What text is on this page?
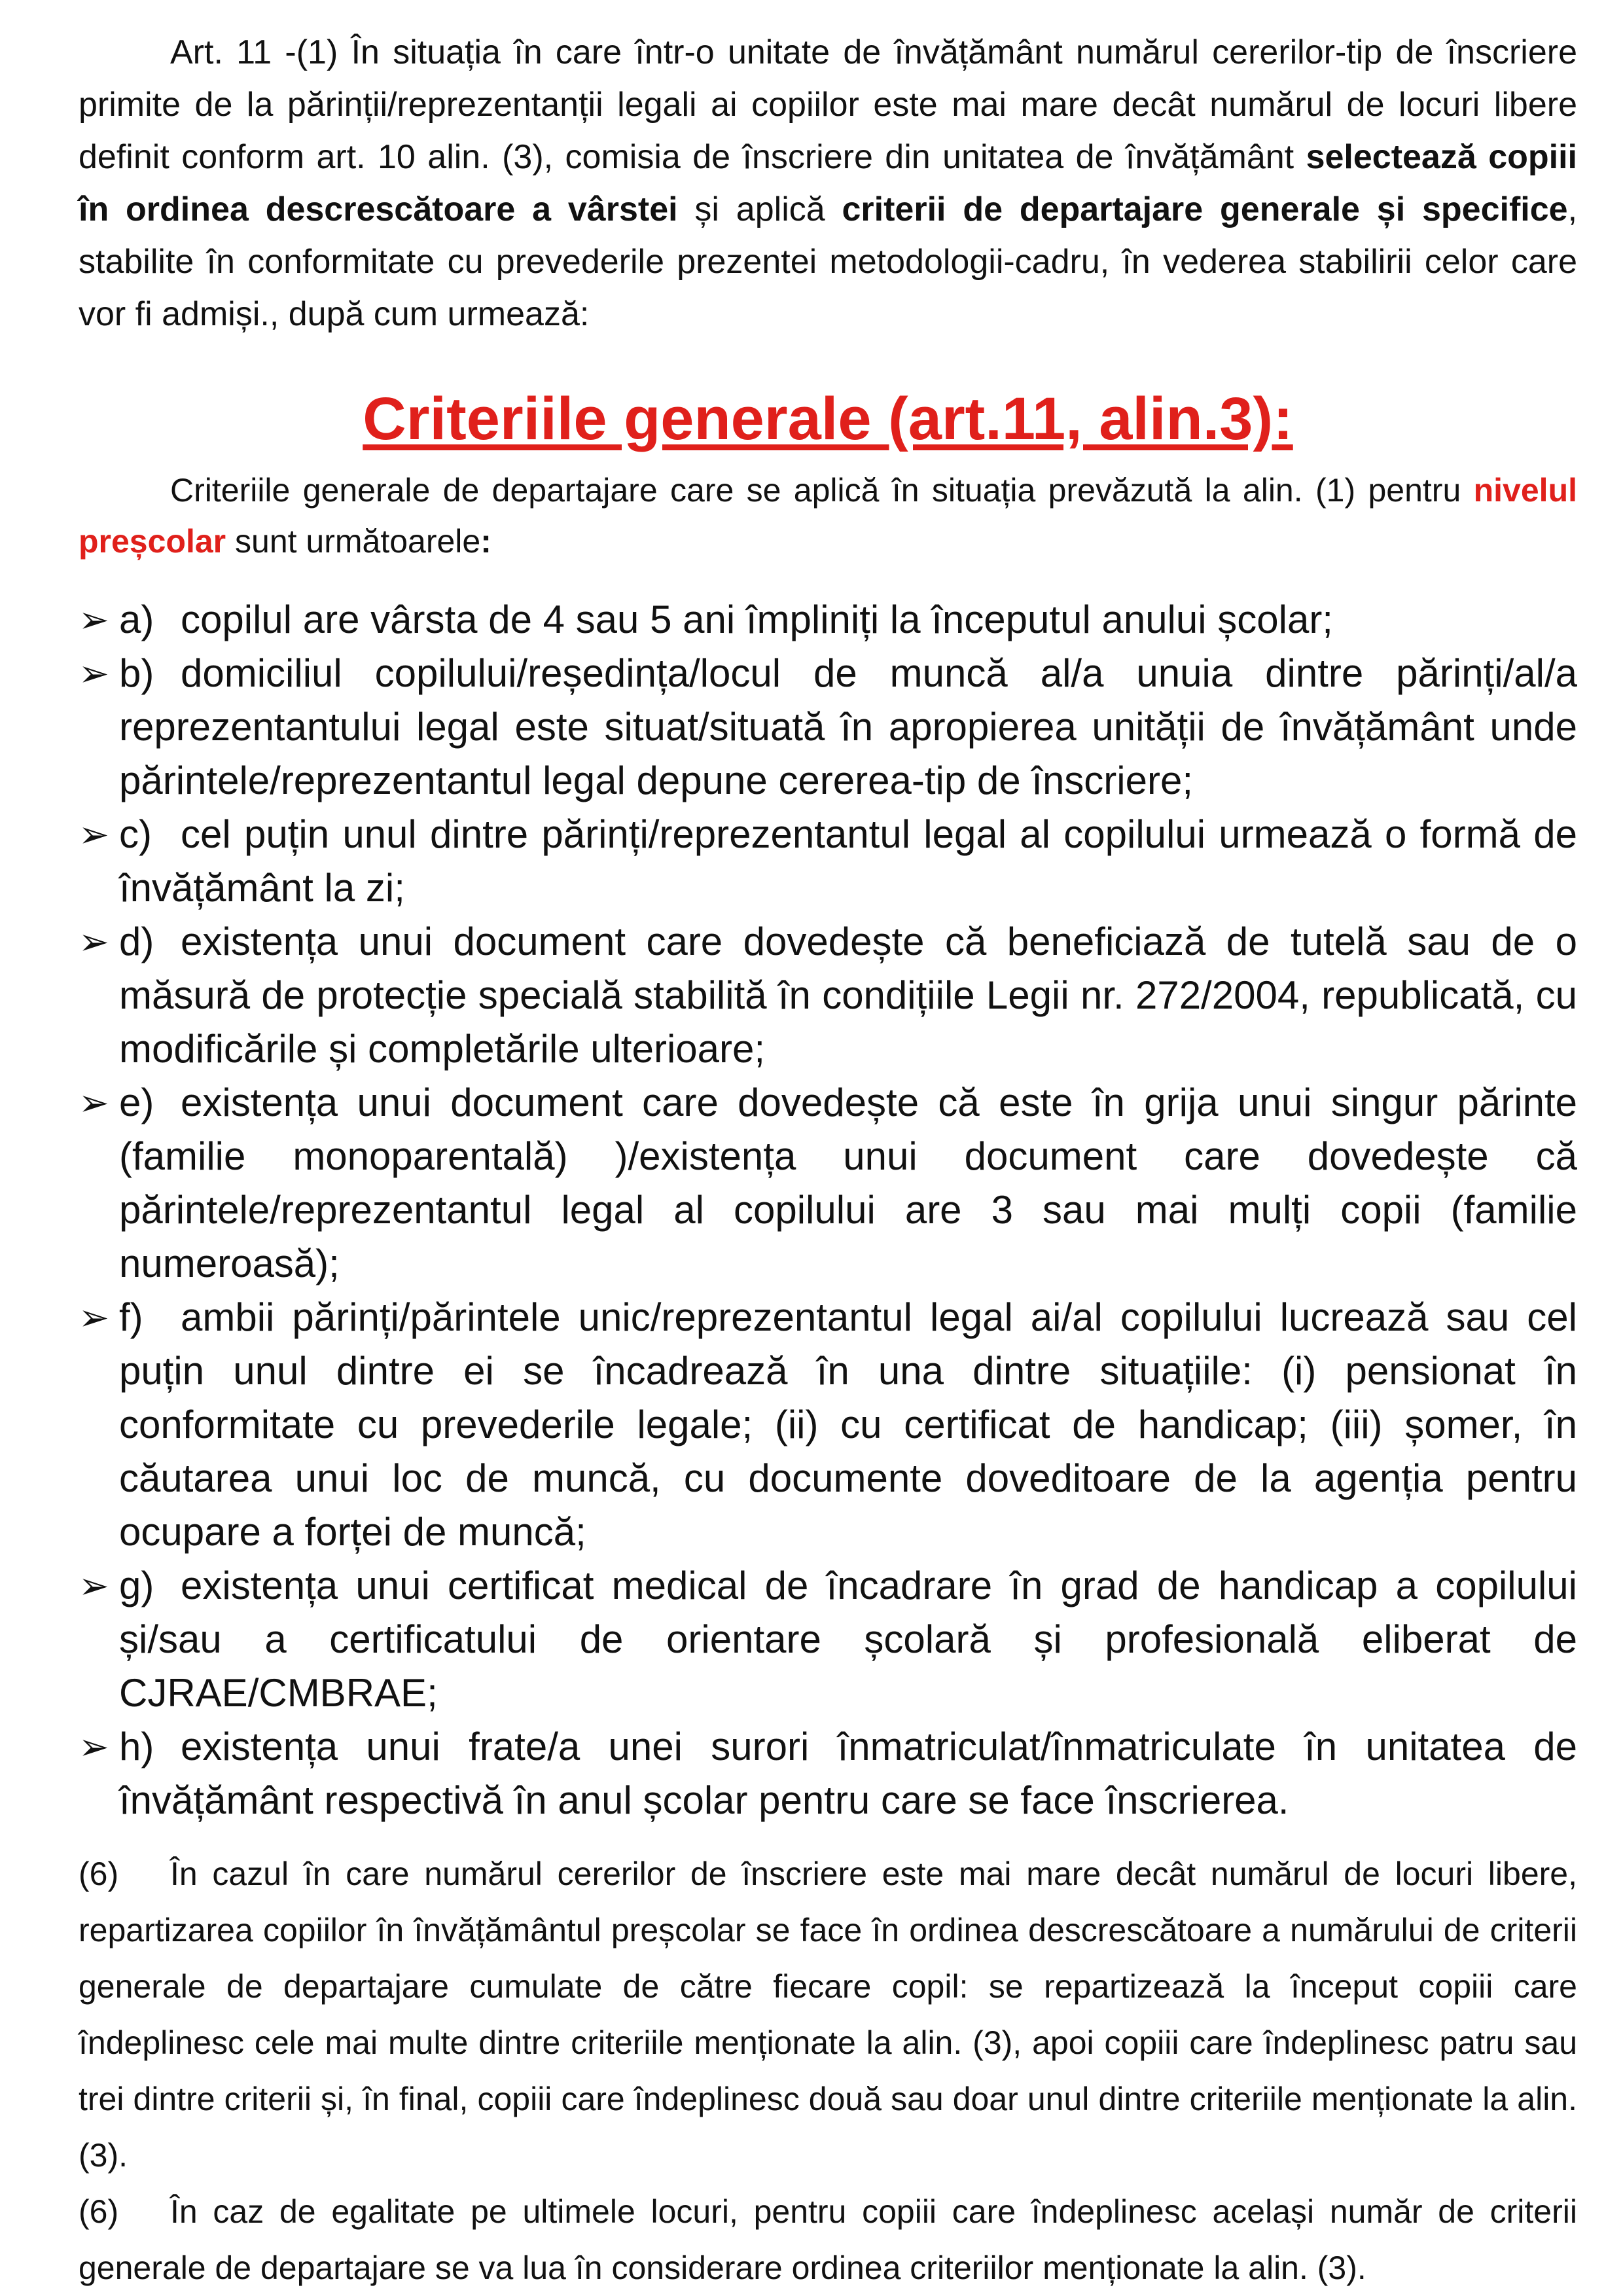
Art. 11 -(1) În situația în care într-o unitate de învățământ numărul cererilor-tip de înscriere primite de la părinții/reprezentanții legali ai copiilor este mai mare decât numărul de locuri libere definit conform art. 10 alin. (3), comisia de înscriere din unitatea de învățământ selectează copiii în ordinea descrescătoare a vârstei și aplică criterii de departajare generale și specifice, stabilite în conformitate cu prevederile prezentei metodologii-cadru, în vederea stabilirii celor care vor fi admiși., după cum urmează:

Criteriile generale (art.11, alin.3):

Criteriile generale de departajare care se aplică în situația prevăzută la alin. (1) pentru nivelul preșcolar sunt următoarele:

➢ a) copilul are vârsta de 4 sau 5 ani împliniți la începutul anului școlar;
➢ b) domiciliul copilului/reședința/locul de muncă al/a unuia dintre părinți/al/a reprezentantului legal este situat/situată în apropierea unității de învățământ unde părintele/reprezentantul legal depune cererea-tip de înscriere;
➢ c) cel puțin unul dintre părinți/reprezentantul legal al copilului urmează o formă de învățământ la zi;
➢ d) existența unui document care dovedește că beneficiază de tutelă sau de o măsură de protecție specială stabilită în condițiile Legii nr. 272/2004, republicată, cu modificările și completările ulterioare;
➢ e) existența unui document care dovedește că este în grija unui singur părinte (familie monoparentală) )/existența unui document care dovedește că părintele/reprezentantul legal al copilului are 3 sau mai mulți copii (familie numeroasă);
➢ f) ambii părinți/părintele unic/reprezentantul legal ai/al copilului lucrează sau cel puțin unul dintre ei se încadrează în una dintre situațiile: (i) pensionat în conformitate cu prevederile legale; (ii) cu certificat de handicap; (iii) șomer, în căutarea unui loc de muncă, cu documente doveditoare de la agenția pentru ocupare a forței de muncă;
➢ g) existența unui certificat medical de încadrare în grad de handicap a copilului și/sau a certificatului de orientare școlară și profesională eliberat de CJRAE/CMBRAE;
➢ h) existența unui frate/a unei surori înmatriculat/înmatriculate în unitatea de învățământ respectivă în anul școlar pentru care se face înscrierea.

(6) În cazul în care numărul cererilor de înscriere este mai mare decât numărul de locuri libere, repartizarea copiilor în învățământul preșcolar se face în ordinea descrescătoare a numărului de criterii generale de departajare cumulate de către fiecare copil: se repartizează la început copiii care îndeplinesc cele mai multe dintre criteriile menționate la alin. (3), apoi copiii care îndeplinesc patru sau trei dintre criterii și, în final, copiii care îndeplinesc două sau doar unul dintre criteriile menționate la alin. (3).

(6) În caz de egalitate pe ultimele locuri, pentru copiii care îndeplinesc același număr de criterii generale de departajare se va lua în considerare ordinea criteriilor menționate la alin. (3).
